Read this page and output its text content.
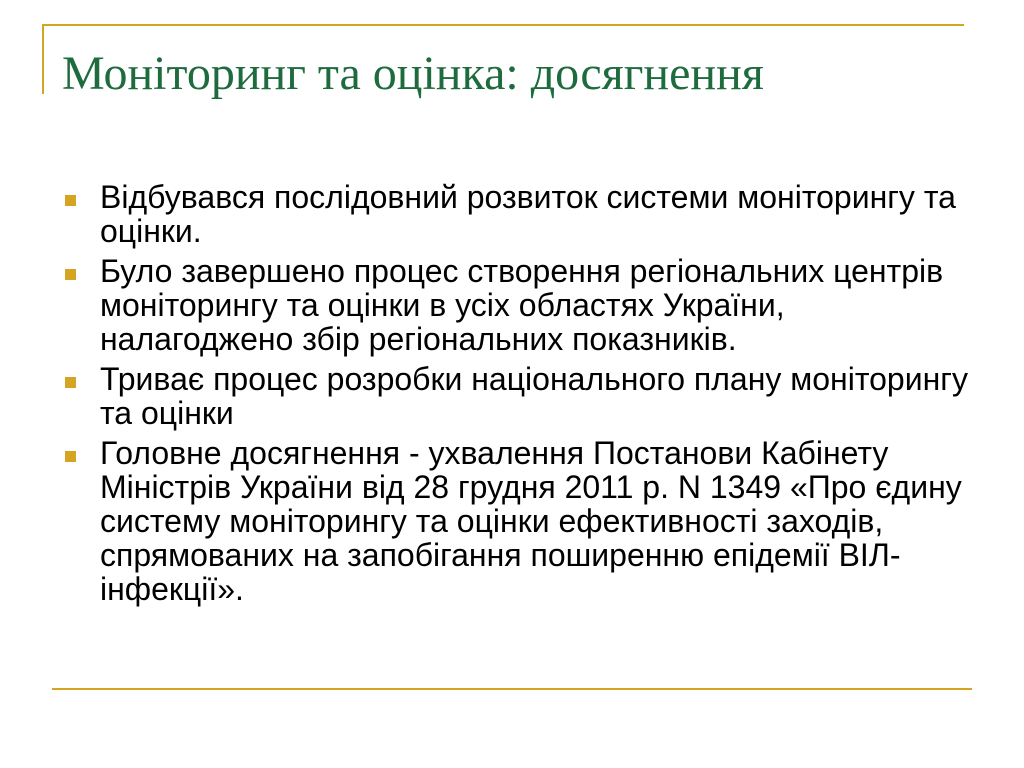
Моніторинг та оцінка: досягнення
Відбувався послідовний розвиток системи моніторингу та оцінки.
Було завершено процес створення регіональних центрів моніторингу та оцінки в усіх областях України, налагоджено збір регіональних показників.
Триває процес розробки національного плану моніторингу та оцінки
Головне досягнення - ухвалення Постанови Кабінету Міністрів України від 28 грудня 2011 р. N 1349 «Про єдину систему моніторингу та оцінки ефективності заходів, спрямованих на запобігання поширенню епідемії ВІЛ-інфекції».
